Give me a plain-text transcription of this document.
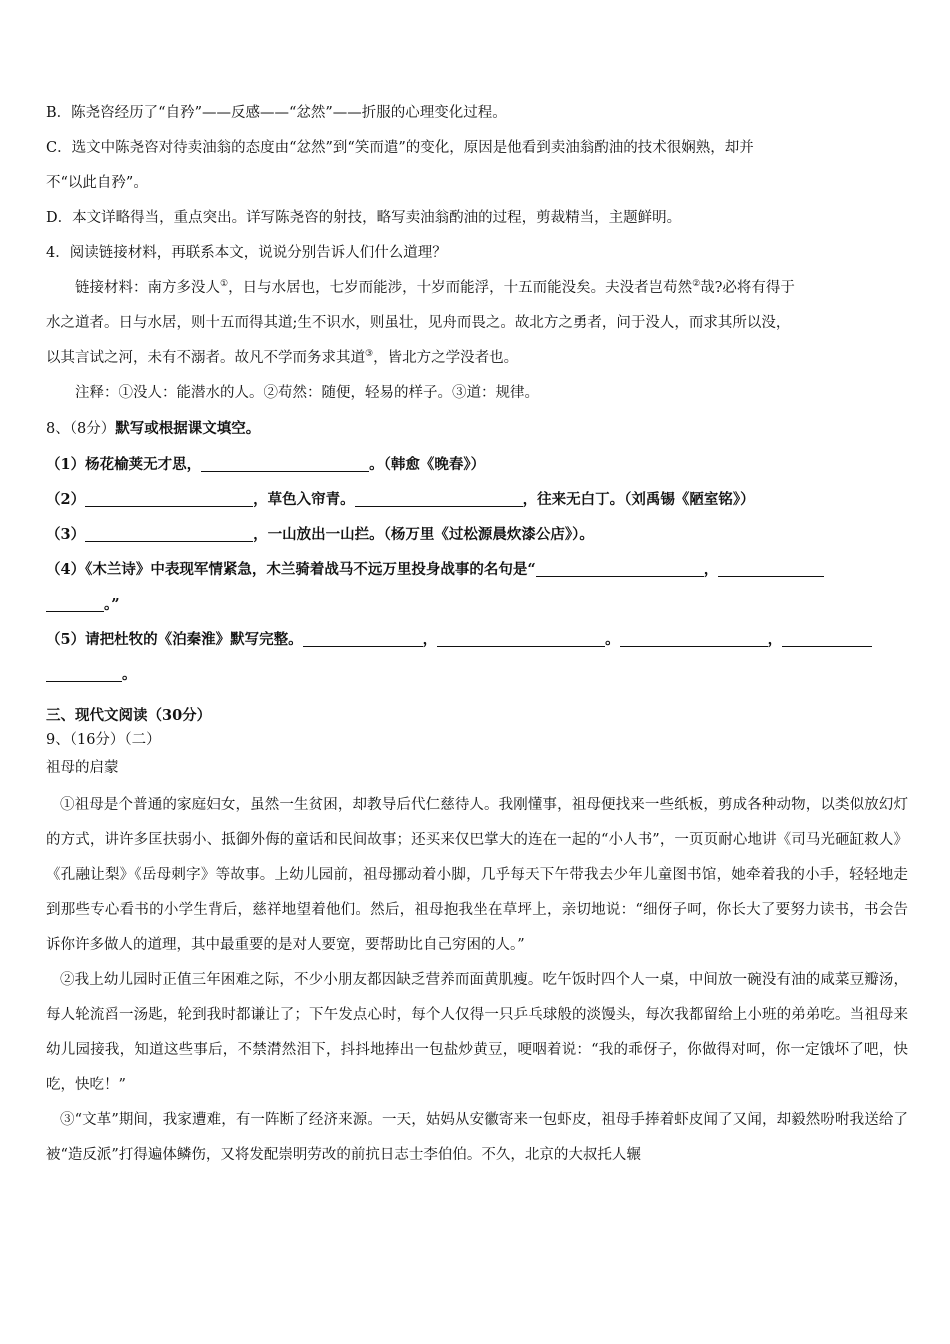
B．陈尧咨经历了“自矜”——反感——“忿然”——折服的心理变化过程。
C．选文中陈尧咨对待卖油翁的态度由“忿然”到“笑而遣”的变化，原因是他看到卖油翁酌油的技术很娴熟，却并
不“以此自矜”。
D．本文详略得当，重点突出。详写陈尧咨的射技，略写卖油翁酌油的过程，剪裁精当，主题鲜明。
4．阅读链接材料，再联系本文，说说分别告诉人们什么道理？
链接材料：南方多没人①，日与水居也，七岁而能涉，十岁而能浮，十五而能没矣。夫没者岂苟然②哉?必将有得于
水之道者。日与水居，则十五而得其道;生不识水，则虽壮，见舟而畏之。故北方之勇者，问于没人，而求其所以没，
以其言试之河，未有不溺者。故凡不学而务求其道③，皆北方之学没者也。
注释：①没人：能潜水的人。②苟然：随便，轻易的样子。③道：规律。
8、（8分）默写或根据课文填空。
（1）杨花榆荚无才思，	。（韩愈《晚春》）
（2）	，草色入帘青。	，往来无白丁。（刘禹锡《陋室铭》）
（3）	，一山放出一山拦。（杨万里《过松源晨炊漆公店》）。
（4）《木兰诗》中表现军情紧急，木兰骑着战马不远万里投身战事的名句是“	，
。”
（5）请把杜牧的《泊秦淮》默写完整。	，	。	，
。
三、现代文阅读（30分）
9、（16分）（二）
祖母的启蒙
①祖母是个普通的家庭妇女，虽然一生贫困，却教导后代仁慈待人。我刚懂事，祖母便找来一些纸板，剪成各种动物，以类似放幻灯的方式，讲许多匡扶弱小、抵御外侮的童话和民间故事；还买来仅巴掌大的连在一起的“小人书”，一页页耐心地讲《司马光砸缸救人》《孔融让梨》《岳母刺字》等故事。上幼儿园前，祖母挪动着小脚，几乎每天下午带我去少年儿童图书馆，她牵着我的小手，轻轻地走到那些专心看书的小学生背后，慈祥地望着他们。然后，祖母抱我坐在草坪上，亲切地说：“细伢子呵，你长大了要努力读书，书会告诉你许多做人的道理，其中最重要的是对人要宽，要帮助比自己穷困的人。”
②我上幼儿园时正值三年困难之际，不少小朋友都因缺乏营养而面黄肌瘦。吃午饭时四个人一桌，中间放一碗没有油的咸菜豆瓣汤，每人轮流舀一汤匙，轮到我时都谦让了；下午发点心时，每个人仅得一只乒乓球般的淡馒头，每次我都留给上小班的弟弟吃。当祖母来幼儿园接我，知道这些事后，不禁潸然泪下，抖抖地捧出一包盐炒黄豆，哽咽着说：“我的乖伢子，你做得对呵，你一定饿坏了吧，快吃，快吃！”
③“文革”期间，我家遭难，有一阵断了经济来源。一天，姑妈从安徽寄来一包虾皮，祖母手捧着虾皮闻了又闻，却毅然吩咐我送给了被“造反派”打得遍体鳞伤，又将发配崇明劳改的前抗日志士李伯伯。不久，北京的大叔托人辗
